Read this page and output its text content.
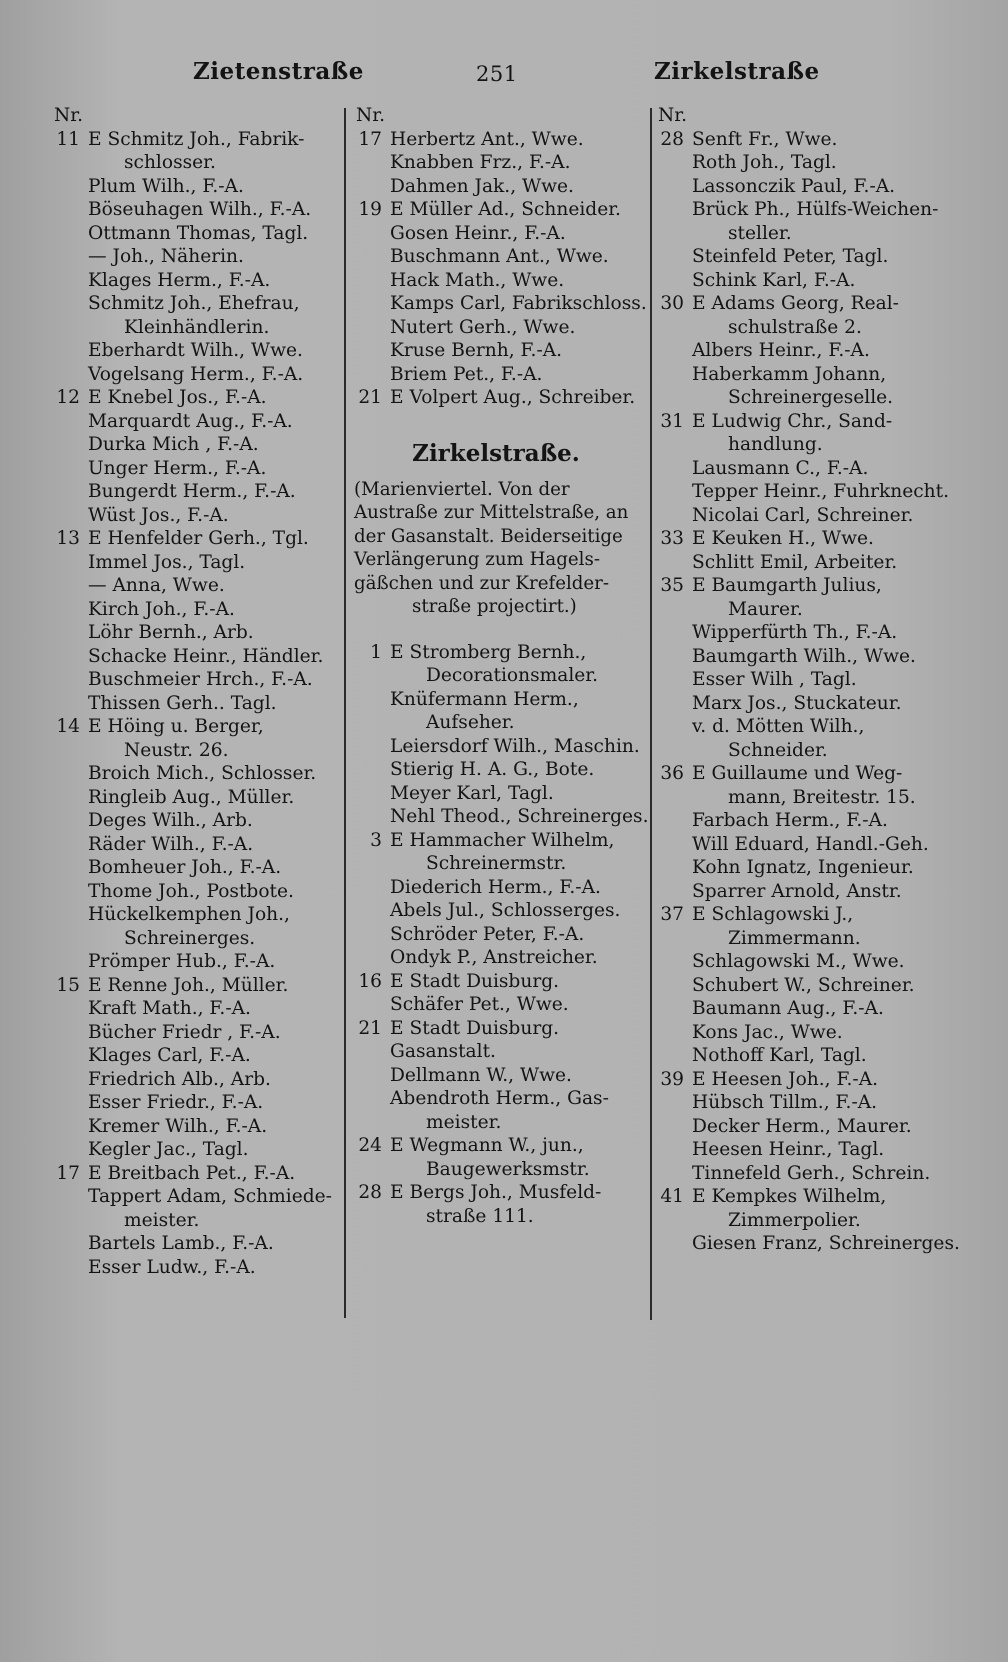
Zietenstraße	251	Zirkelstraße
Nr.
11 E Schmitz Joh., Fabrik-
schlosser.
Plum Wilh., F.-A.
Böseuhagen Wilh., F.-A.
Ottmann Thomas, Tagl.
— Joh., Näherin.
Klages Herm., F.-A.
Schmitz Joh., Ehefrau,
Kleinhändlerin.
Eberhardt Wilh., Wwe.
Vogelsang Herm., F.-A.
12 E Knebel Jos., F.-A.
Marquardt Aug., F.-A.
Durka Mich , F.-A.
Unger Herm., F.-A.
Bungerdt Herm., F.-A.
Wüst Jos., F.-A.
13 E Henfelder Gerh., Tgl.
Immel Jos., Tagl.
— Anna, Wwe.
Kirch Joh., F.-A.
Löhr Bernh., Arb.
Schacke Heinr., Händler.
Buschmeier Hrch., F.-A.
Thissen Gerh.. Tagl.
14 E Höing u. Berger,
Neustr. 26.
Broich Mich., Schlosser.
Ringleib Aug., Müller.
Deges Wilh., Arb.
Räder Wilh., F.-A.
Bomheuer Joh., F.-A.
Thome Joh., Postbote.
Hückelkemphen Joh.,
Schreinerges.
Prömper Hub., F.-A.
15 E Renne Joh., Müller.
Kraft Math., F.-A.
Bücher Friedr , F.-A.
Klages Carl, F.-A.
Friedrich Alb., Arb.
Esser Friedr., F.-A.
Kremer Wilh., F.-A.
Kegler Jac., Tagl.
17 E Breitbach Pet., F.-A.
Tappert Adam, Schmiede-
meister.
Bartels Lamb., F.-A.
Esser Ludw., F.-A.
Nr.
17 Herbertz Ant., Wwe.
Knabben Frz., F.-A.
Dahmen Jak., Wwe.
19 E Müller Ad., Schneider.
Gosen Heinr., F.-A.
Buschmann Ant., Wwe.
Hack Math., Wwe.
Kamps Carl, Fabrikschloss.
Nutert Gerh., Wwe.
Kruse Bernh, F.-A.
Briem Pet., F.-A.
21 E Volpert Aug., Schreiber.
Zirkelstraße.
(Marienviertel. Von der
Austraße zur Mittelstraße, an
der Gasanstalt. Beiderseitige
Verlängerung zum Hagels-
gäßchen und zur Krefelder-
straße projectirt.)
1 E Stromberg Bernh.,
Decorationsmaler.
Knüfermann Herm.,
Aufseher.
Leiersdorf Wilh., Maschin.
Stierig H. A. G., Bote.
Meyer Karl, Tagl.
Nehl Theod., Schreinerges.
3 E Hammacher Wilhelm,
Schreinermstr.
Diederich Herm., F.-A.
Abels Jul., Schlosserges.
Schröder Peter, F.-A.
Ondyk P., Anstreicher.
16 E Stadt Duisburg.
Schäfer Pet., Wwe.
21 E Stadt Duisburg.
Gasanstalt.
Dellmann W., Wwe.
Abendroth Herm., Gas-
meister.
24 E Wegmann W., jun.,
Baugewerksmstr.
28 E Bergs Joh., Musfeld-
straße 111.
Nr.
28 Senft Fr., Wwe.
Roth Joh., Tagl.
Lassonczik Paul, F.-A.
Brück Ph., Hülfs-Weichen-
steller.
Steinfeld Peter, Tagl.
Schink Karl, F.-A.
30 E Adams Georg, Real-
schulstraße 2.
Albers Heinr., F.-A.
Haberkamm Johann,
Schreinergeselle.
31 E Ludwig Chr., Sand-
handlung.
Lausmann C., F.-A.
Tepper Heinr., Fuhrknecht.
Nicolai Carl, Schreiner.
33 E Keuken H., Wwe.
Schlitt Emil, Arbeiter.
35 E Baumgarth Julius,
Maurer.
Wipperfürth Th., F.-A.
Baumgarth Wilh., Wwe.
Esser Wilh , Tagl.
Marx Jos., Stuckateur.
v. d. Mötten Wilh.,
Schneider.
36 E Guillaume und Weg-
mann, Breitestr. 15.
Farbach Herm., F.-A.
Will Eduard, Handl.-Geh.
Kohn Ignatz, Ingenieur.
Sparrer Arnold, Anstr.
37 E Schlagowski J.,
Zimmermann.
Schlagowski M., Wwe.
Schubert W., Schreiner.
Baumann Aug., F.-A.
Kons Jac., Wwe.
Nothoff Karl, Tagl.
39 E Heesen Joh., F.-A.
Hübsch Tillm., F.-A.
Decker Herm., Maurer.
Heesen Heinr., Tagl.
Tinnefeld Gerh., Schrein.
41 E Kempkes Wilhelm,
Zimmerpolier.
Giesen Franz, Schreinerges.
